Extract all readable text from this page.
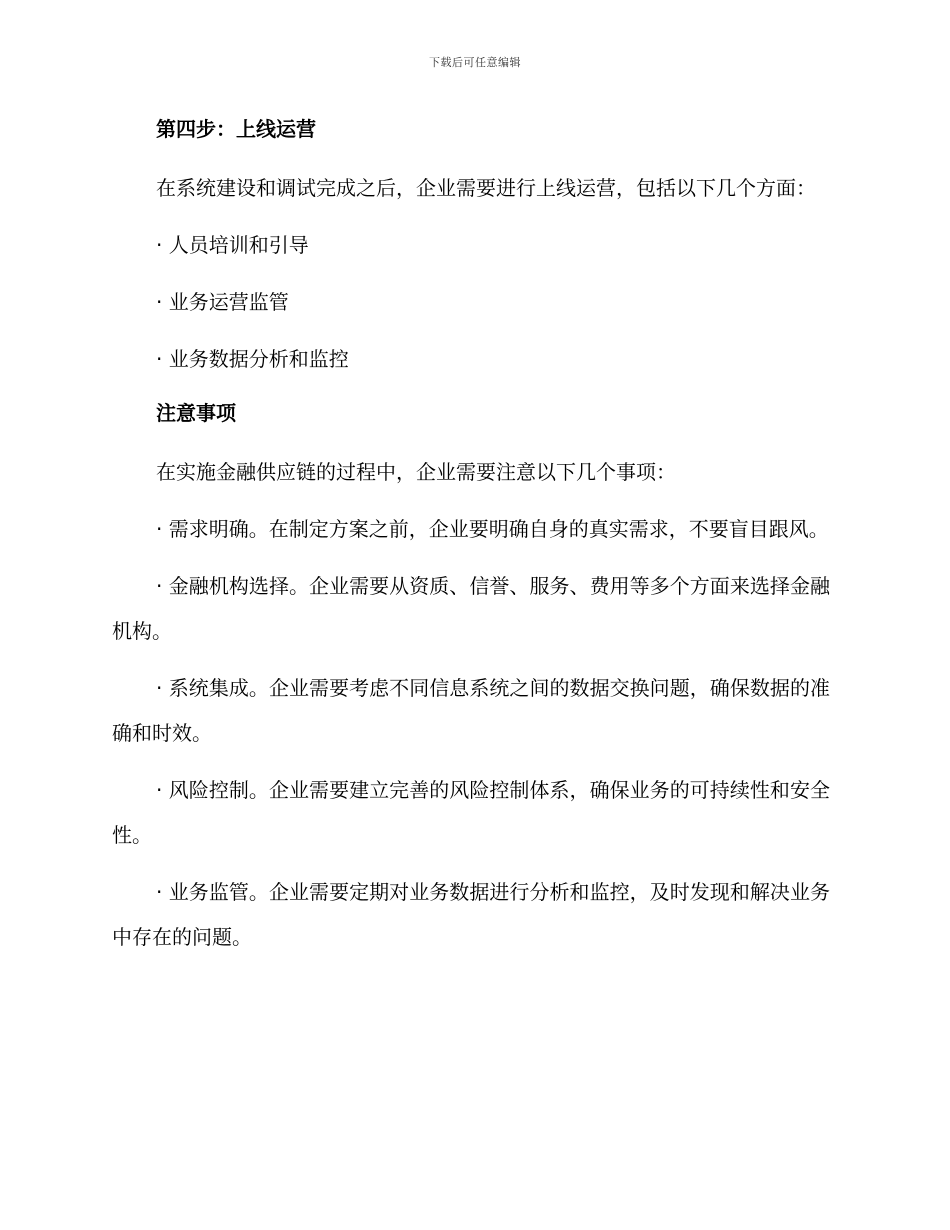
下载后可任意编辑
第四步：上线运营
在系统建设和调试完成之后，企业需要进行上线运营，包括以下几个方面：
· 人员培训和引导
· 业务运营监管
· 业务数据分析和监控
注意事项
在实施金融供应链的过程中，企业需要注意以下几个事项：
· 需求明确。在制定方案之前，企业要明确自身的真实需求，不要盲目跟风。
· 金融机构选择。企业需要从资质、信誉、服务、费用等多个方面来选择金融机构。
· 系统集成。企业需要考虑不同信息系统之间的数据交换问题，确保数据的准确和时效。
· 风险控制。企业需要建立完善的风险控制体系，确保业务的可持续性和安全性。
· 业务监管。企业需要定期对业务数据进行分析和监控，及时发现和解决业务中存在的问题。
